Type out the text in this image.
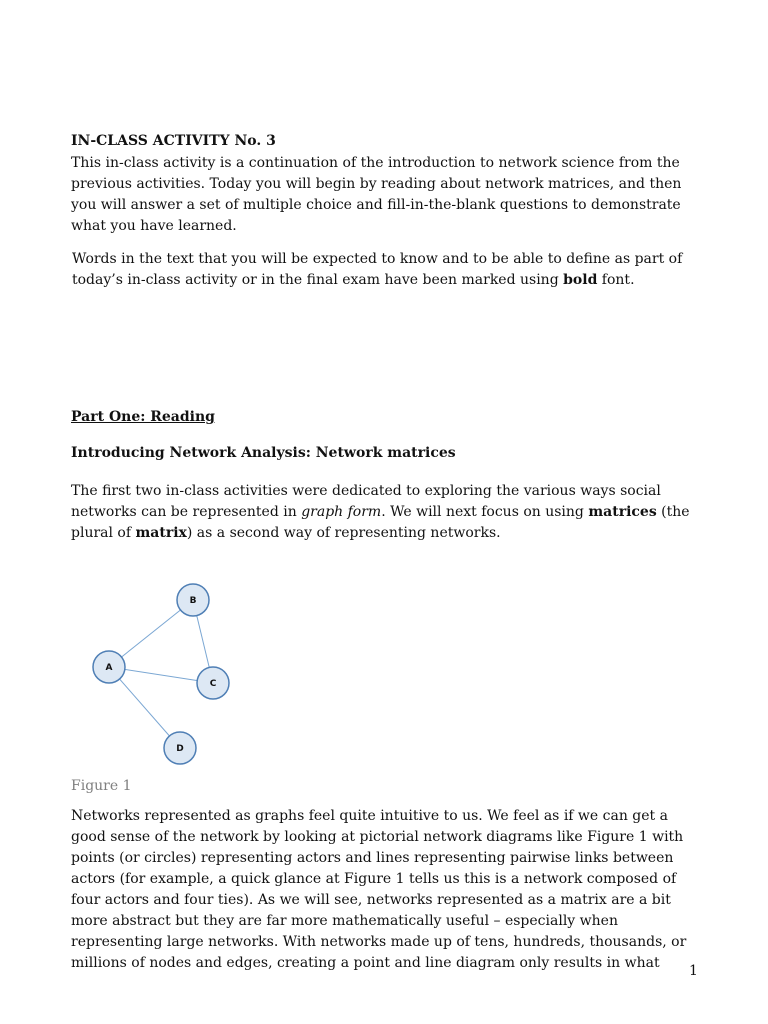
IN-CLASS ACTIVITY No. 3
This in-class activity is a continuation of the introduction to network science from the previous activities. Today you will begin by reading about network matrices, and then you will answer a set of multiple choice and fill-in-the-blank questions to demonstrate what you have learned.
Words in the text that you will be expected to know and to be able to define as part of today’s in-class activity or in the final exam have been marked using bold font.
Part One: Reading
Introducing Network Analysis: Network matrices
The first two in-class activities were dedicated to exploring the various ways social networks can be represented in graph form. We will next focus on using matrices (the plural of matrix) as a second way of representing networks.
B
A
C
D
Figure 1
Networks represented as graphs feel quite intuitive to us. We feel as if we can get a good sense of the network by looking at pictorial network diagrams like Figure 1 with points (or circles) representing actors and lines representing pairwise links between actors (for example, a quick glance at Figure 1 tells us this is a network composed of four actors and four ties). As we will see, networks represented as a matrix are a bit more abstract but they are far more mathematically useful – especially when representing large networks. With networks made up of tens, hundreds, thousands, or millions of nodes and edges, creating a point and line diagram only results in what	1
